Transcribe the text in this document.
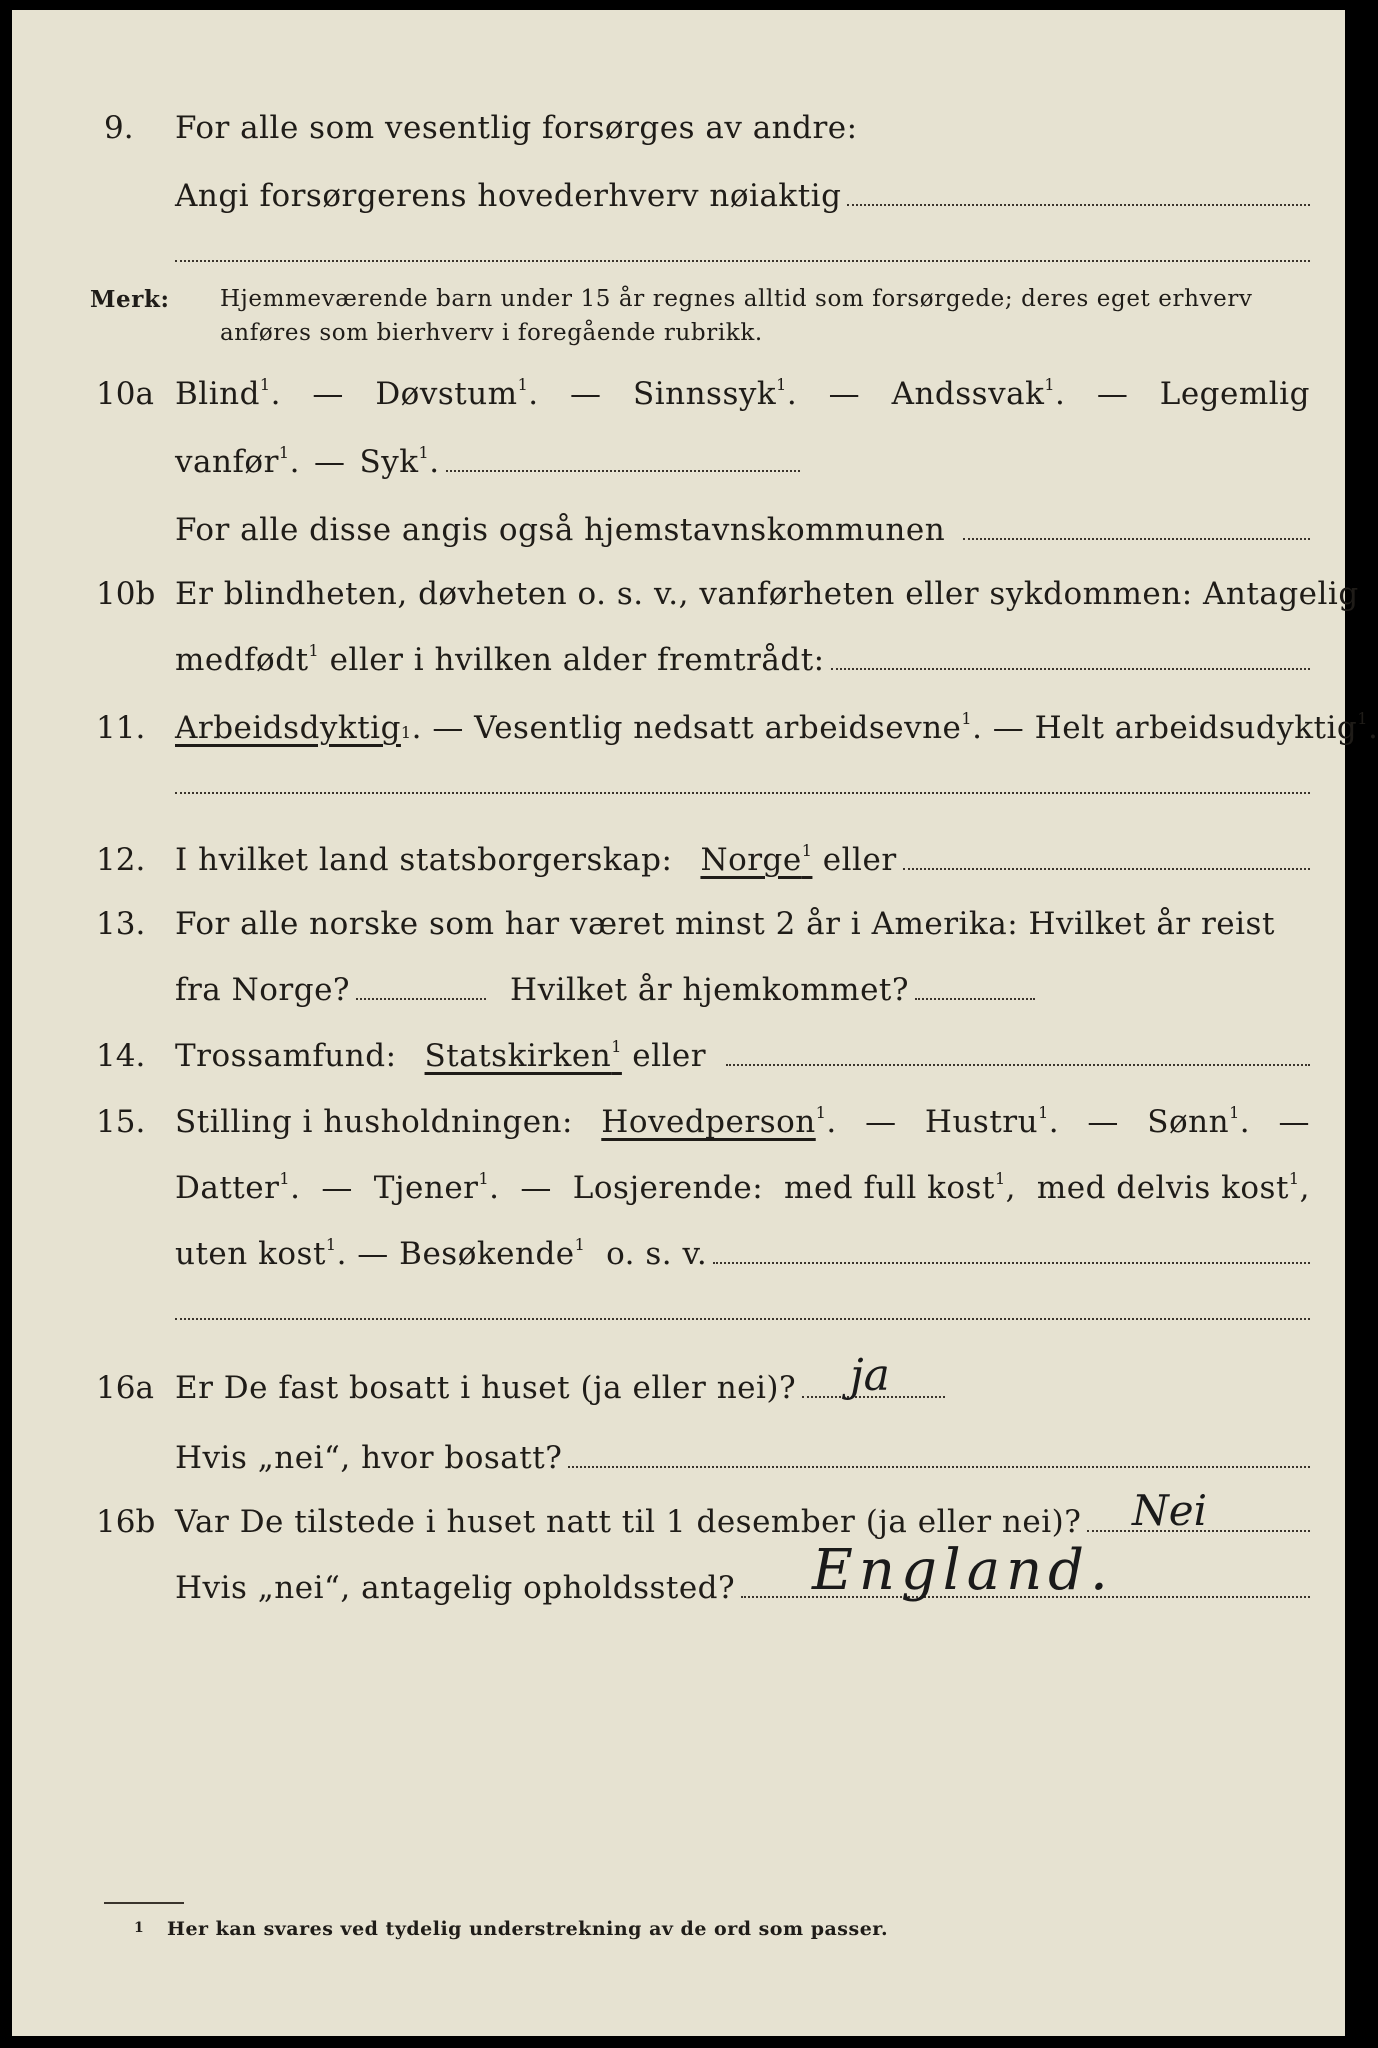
9. For alle som vesentlig forsørges av andre:
Angi forsørgerens hovederhverv nøiaktig
Merk: Hjemmeværende barn under 15 år regnes alltid som forsørgede; deres eget erhverv
anføres som bierhverv i foregående rubrikk.
10a Blind$^1$. — Døvstum$^1$. — Sinnssyk$^1$. — Andssvak$^1$. — Legemlig
vanfør$^1$. — Syk$^1$.
For alle disse angis også hjemstavnskommunen
10b Er blindheten, døvheten o. s. v., vanførheten eller sykdommen: Antagelig
medfødt$^1$
eller i hvilken alder fremtrådt:
11. Arbeidsdyktig 1 . — Vesentlig nedsatt arbeidsevne$^1$ . — Helt arbeidsudyktig$^1$ .
12. I hvilket land statsborgerskap: Norge$^1$
eller
13. For alle norske som har været minst 2 år i Amerika: Hvilket år reist
fra Norge?	Hvilket år hjemkommet?
14. Trossamfund: Statskirken$^1$
eller
15. Stilling i husholdningen: Hovedperson$^1$. — Hustru$^1$. — Sønn$^1$. —
Datter$^1$. — Tjener$^1$. — Losjerende: med full kost$^1$, med delvis kost$^1$,
uten kost$^1$. — Besøkende$^1$
o. s. v.
16a Er De fast bosatt i huset (ja eller nei)? ja
Hvis „nei“, hvor bosatt?
16b Var De tilstede i huset natt til 1 desember (ja eller nei)? Nei
Hvis „nei“, antagelig opholdssted? England.
1 Her kan svares ved tydelig understrekning av de ord som passer.
